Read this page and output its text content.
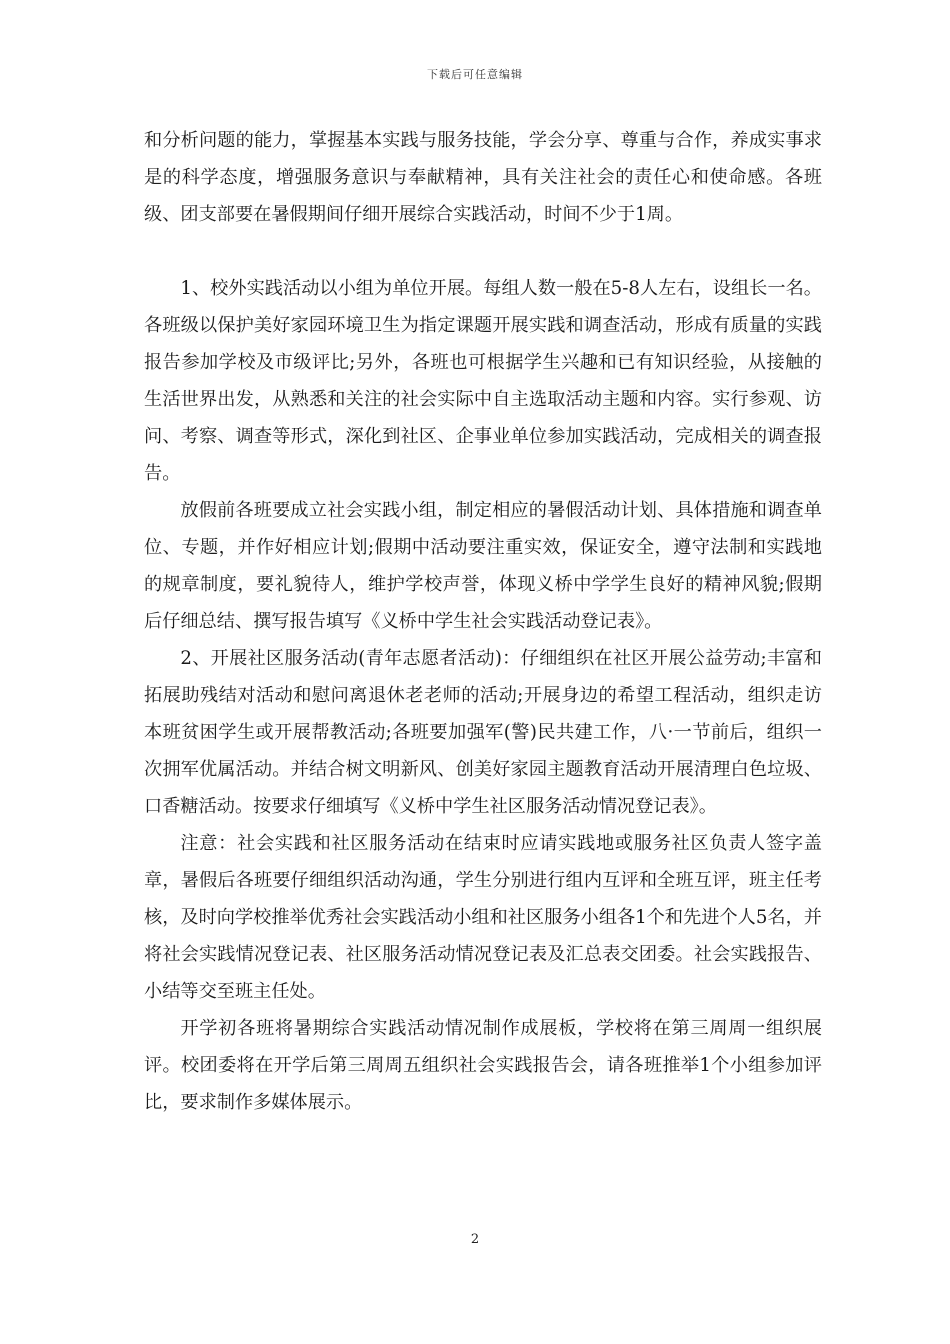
下载后可任意编辑

和分析问题的能力，掌握基本实践与服务技能，学会分享、尊重与合作，养成实事求是的科学态度，增强服务意识与奉献精神，具有关注社会的责任心和使命感。各班级、团支部要在暑假期间仔细开展综合实践活动，时间不少于1周。

1、校外实践活动以小组为单位开展。每组人数一般在5-8人左右，设组长一名。各班级以保护美好家园环境卫生为指定课题开展实践和调查活动，形成有质量的实践报告参加学校及市级评比;另外，各班也可根据学生兴趣和已有知识经验，从接触的生活世界出发，从熟悉和关注的社会实际中自主选取活动主题和内容。实行参观、访问、考察、调查等形式，深化到社区、企事业单位参加实践活动，完成相关的调查报告。

放假前各班要成立社会实践小组，制定相应的暑假活动计划、具体措施和调查单位、专题，并作好相应计划;假期中活动要注重实效，保证安全，遵守法制和实践地的规章制度，要礼貌待人，维护学校声誉，体现义桥中学学生良好的精神风貌;假期后仔细总结、撰写报告填写《义桥中学生社会实践活动登记表》。

2、开展社区服务活动(青年志愿者活动)：仔细组织在社区开展公益劳动;丰富和拓展助残结对活动和慰问离退休老老师的活动;开展身边的希望工程活动，组织走访本班贫困学生或开展帮教活动;各班要加强军(警)民共建工作，八·一节前后，组织一次拥军优属活动。并结合树文明新风、创美好家园主题教育活动开展清理白色垃圾、口香糖活动。按要求仔细填写《义桥中学生社区服务活动情况登记表》。

注意：社会实践和社区服务活动在结束时应请实践地或服务社区负责人签字盖章，暑假后各班要仔细组织活动沟通，学生分别进行组内互评和全班互评，班主任考核，及时向学校推举优秀社会实践活动小组和社区服务小组各1个和先进个人5名，并将社会实践情况登记表、社区服务活动情况登记表及汇总表交团委。社会实践报告、小结等交至班主任处。

开学初各班将暑期综合实践活动情况制作成展板，学校将在第三周周一组织展评。校团委将在开学后第三周周五组织社会实践报告会，请各班推举1个小组参加评比，要求制作多媒体展示。

2
